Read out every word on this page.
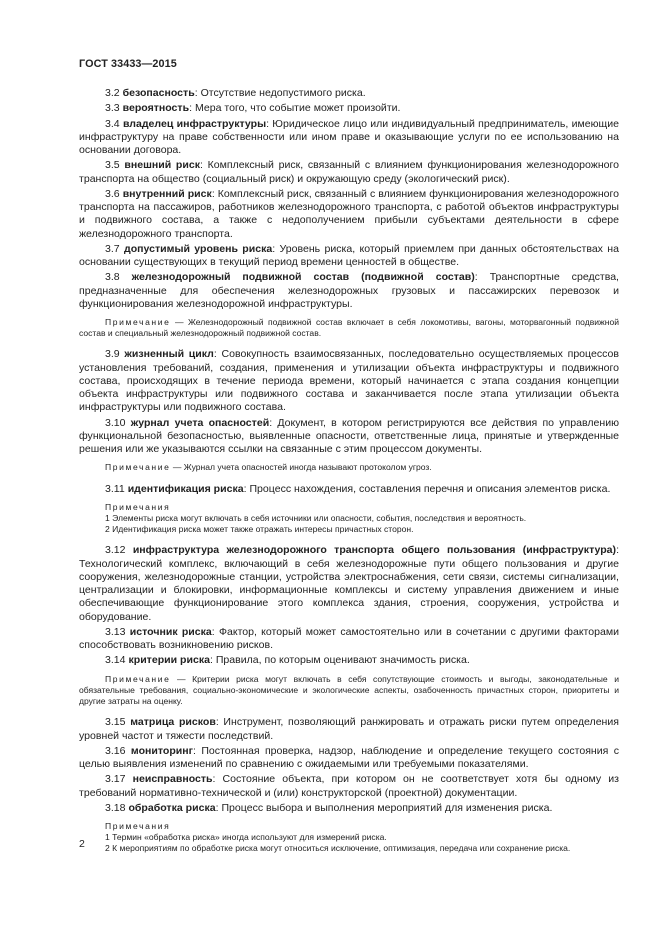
ГОСТ 33433—2015

3.2 безопасность: Отсутствие недопустимого риска.

3.3 вероятность: Мера того, что событие может произойти.

3.4 владелец инфраструктуры: Юридическое лицо или индивидуальный предприниматель, имеющие инфраструктуру на праве собственности или ином праве и оказывающие услуги по ее использованию на основании договора.

3.5 внешний риск: Комплексный риск, связанный с влиянием функционирования железнодорожного транспорта на общество (социальный риск) и окружающую среду (экологический риск).

3.6 внутренний риск: Комплексный риск, связанный с влиянием функционирования железнодорожного транспорта на пассажиров, работников железнодорожного транспорта, с работой объектов инфраструктуры и подвижного состава, а также с недополучением прибыли субъектами деятельности в сфере железнодорожного транспорта.

3.7 допустимый уровень риска: Уровень риска, который приемлем при данных обстоятельствах на основании существующих в текущий период времени ценностей в обществе.

3.8 железнодорожный подвижной состав (подвижной состав): Транспортные средства, предназначенные для обеспечения железнодорожных грузовых и пассажирских перевозок и функционирования железнодорожной инфраструктуры.

Примечание — Железнодорожный подвижной состав включает в себя локомотивы, вагоны, моторвагонный подвижной состав и специальный железнодорожный подвижной состав.

3.9 жизненный цикл: Совокупность взаимосвязанных, последовательно осуществляемых процессов установления требований, создания, применения и утилизации объекта инфраструктуры и подвижного состава, происходящих в течение периода времени, который начинается с этапа создания концепции объекта инфраструктуры или подвижного состава и заканчивается после этапа утилизации объекта инфраструктуры или подвижного состава.

3.10 журнал учета опасностей: Документ, в котором регистрируются все действия по управлению функциональной безопасностью, выявленные опасности, ответственные лица, принятые и утвержденные решения или же указываются ссылки на связанные с этим процессом документы.

Примечание — Журнал учета опасностей иногда называют протоколом угроз.

3.11 идентификация риска: Процесс нахождения, составления перечня и описания элементов риска.

Примечания

1 Элементы риска могут включать в себя источники или опасности, события, последствия и вероятность.

2 Идентификация риска может также отражать интересы причастных сторон.

3.12 инфраструктура железнодорожного транспорта общего пользования (инфраструктура): Технологический комплекс, включающий в себя железнодорожные пути общего пользования и другие сооружения, железнодорожные станции, устройства электроснабжения, сети связи, системы сигнализации, централизации и блокировки, информационные комплексы и систему управления движением и иные обеспечивающие функционирование этого комплекса здания, строения, сооружения, устройства и оборудование.

3.13 источник риска: Фактор, который может самостоятельно или в сочетании с другими факторами способствовать возникновению рисков.

3.14 критерии риска: Правила, по которым оценивают значимость риска.

Примечание — Критерии риска могут включать в себя сопутствующие стоимость и выгоды, законодательные и обязательные требования, социально-экономические и экологические аспекты, озабоченность причастных сторон, приоритеты и другие затраты на оценку.

3.15 матрица рисков: Инструмент, позволяющий ранжировать и отражать риски путем определения уровней частот и тяжести последствий.

3.16 мониторинг: Постоянная проверка, надзор, наблюдение и определение текущего состояния с целью выявления изменений по сравнению с ожидаемыми или требуемыми показателями.

3.17 неисправность: Состояние объекта, при котором он не соответствует хотя бы одному из требований нормативно-технической и (или) конструкторской (проектной) документации.

3.18 обработка риска: Процесс выбора и выполнения мероприятий для изменения риска.

Примечания

1 Термин «обработка риска» иногда используют для измерений риска.

2 К мероприятиям по обработке риска могут относиться исключение, оптимизация, передача или сохранение риска.

2
